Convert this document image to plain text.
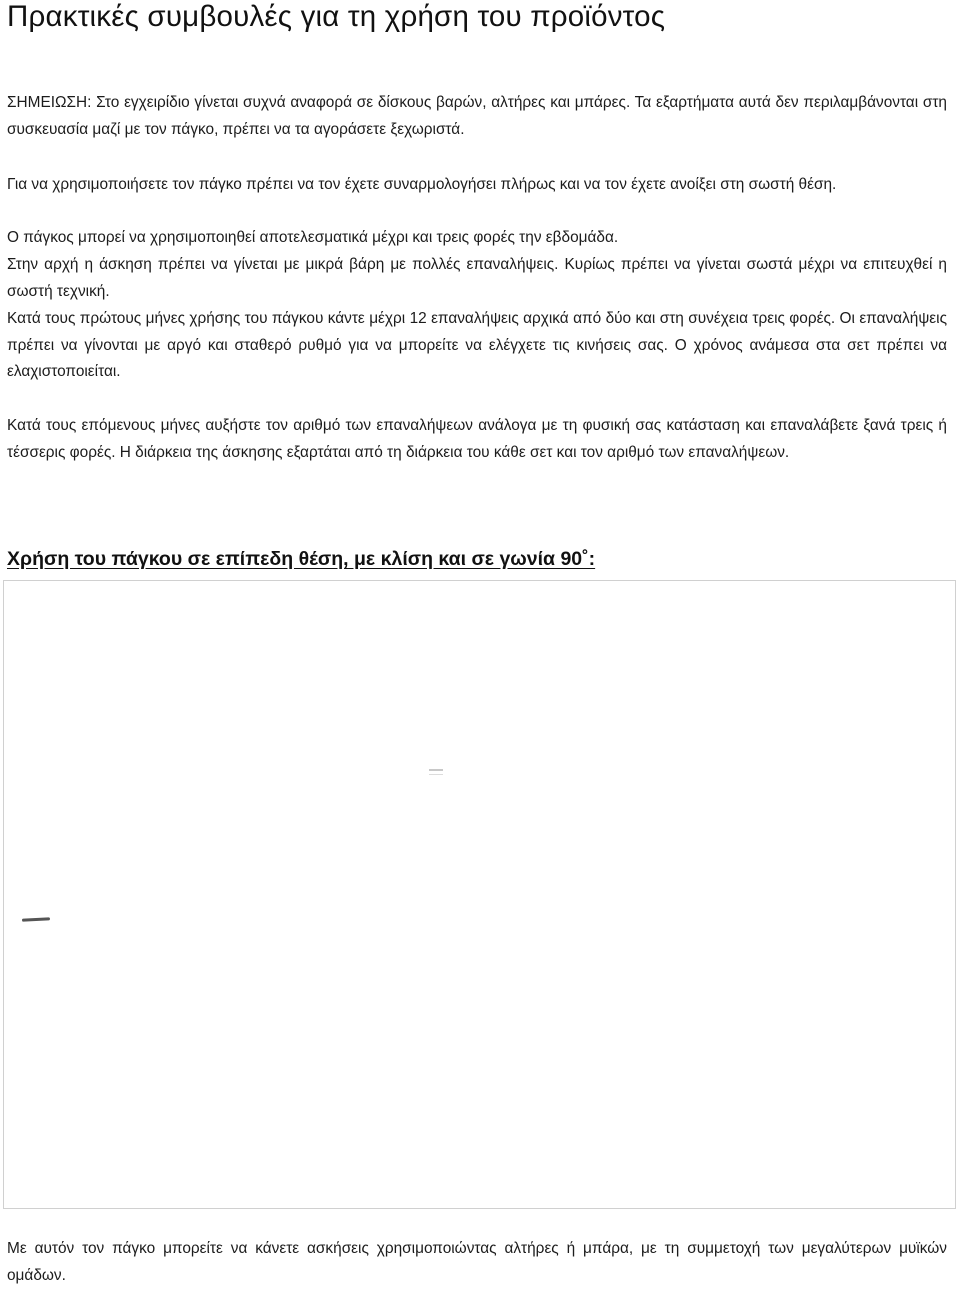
Πρακτικές συμβουλές για τη χρήση του προϊόντος

ΣΗΜΕΙΩΣΗ: Στο εγχειρίδιο γίνεται συχνά αναφορά σε δίσκους βαρών, αλτήρες και μπάρες. Τα εξαρτήματα αυτά δεν περιλαμβάνονται στη συσκευασία μαζί με τον πάγκο, πρέπει να τα αγοράσετε ξεχωριστά.

Για να χρησιμοποιήσετε τον πάγκο πρέπει να τον έχετε συναρμολογήσει πλήρως και να τον έχετε ανοίξει στη σωστή θέση.

Ο πάγκος μπορεί να χρησιμοποιηθεί αποτελεσματικά μέχρι και τρεις φορές την εβδομάδα.

Στην αρχή η άσκηση πρέπει να γίνεται με μικρά βάρη με πολλές επαναλήψεις. Κυρίως πρέπει να γίνεται σωστά μέχρι να επιτευχθεί η σωστή τεχνική.

Κατά τους πρώτους μήνες χρήσης του πάγκου κάντε μέχρι 12 επαναλήψεις αρχικά από δύο και στη συνέχεια τρεις φορές. Οι επαναλήψεις πρέπει να γίνονται με αργό και σταθερό ρυθμό για να μπορείτε να ελέγχετε τις κινήσεις σας. Ο χρόνος ανάμεσα στα σετ πρέπει να ελαχιστοποιείται.

Κατά τους επόμενους μήνες αυξήστε τον αριθμό των επαναλήψεων ανάλογα με τη φυσική σας κατάσταση και επαναλάβετε ξανά τρεις ή τέσσερις φορές. Η διάρκεια της άσκησης εξαρτάται από τη διάρκεια του κάθε σετ και τον αριθμό των επαναλήψεων.

Χρήση του πάγκου σε επίπεδη θέση, με κλίση και σε γωνία 90˚:

Με αυτόν τον πάγκο μπορείτε να κάνετε ασκήσεις χρησιμοποιώντας αλτήρες ή μπάρα, με τη συμμετοχή των μεγαλύτερων μυϊκών ομάδων.
